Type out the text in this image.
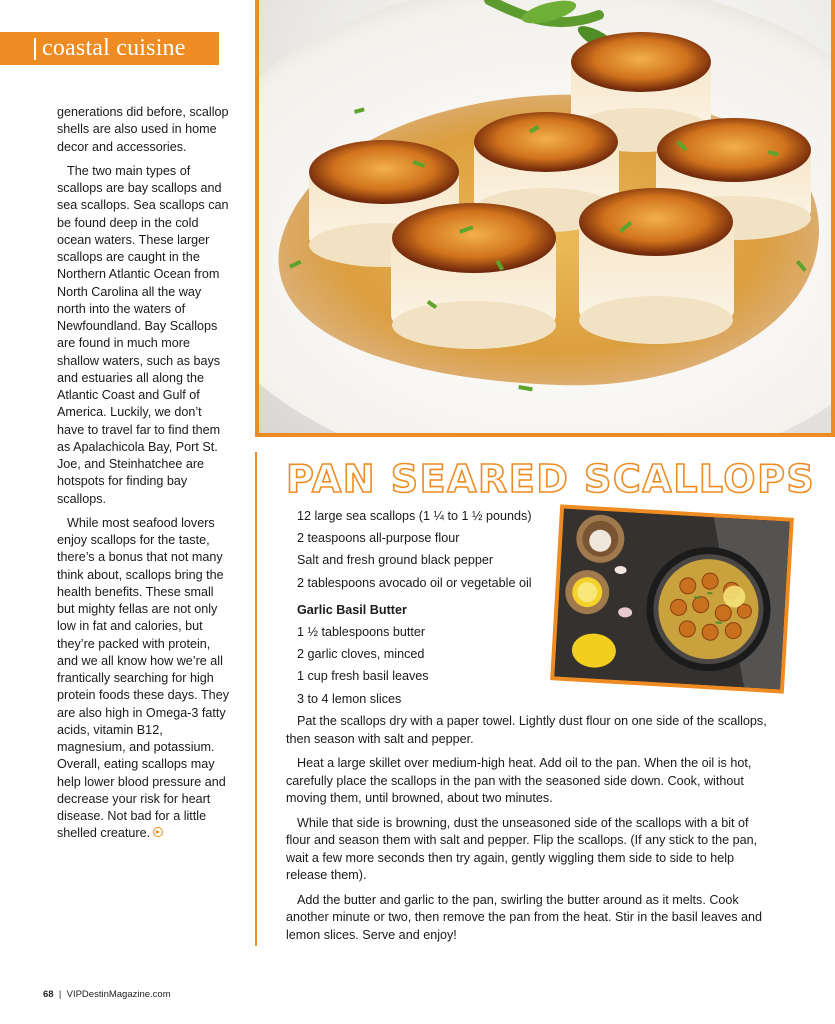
coastal cuisine

generations did before, scallop shells are also used in home decor and accessories.

The two main types of scallops are bay scallops and sea scallops. Sea scallops can be found deep in the cold ocean waters. These larger scallops are caught in the Northern Atlantic Ocean from North Carolina all the way north into the waters of Newfoundland. Bay Scallops are found in much more shallow waters, such as bays and estuaries all along the Atlantic Coast and Gulf of America. Luckily, we don’t have to travel far to find them as Apalachicola Bay, Port St. Joe, and Steinhatchee are hotspots for finding bay scallops.

While most seafood lovers enjoy scallops for the taste, there’s a bonus that not many think about, scallops bring the health benefits. These small but mighty fellas are not only low in fat and calories, but they’re packed with protein, and we all know how we’re all frantically searching for high protein foods these days. They are also high in Omega-3 fatty acids, vitamin B12, magnesium, and potassium. Overall, eating scallops may help lower blood pressure and decrease your risk for heart disease. Not bad for a little shelled creature.

PAN SEARED SCALLOPS
12 large sea scallops (1 ¼ to 1 ½ pounds)
2 teaspoons all-purpose flour
Salt and fresh ground black pepper
2 tablespoons avocado oil or vegetable oil
Garlic Basil Butter
1 ½ tablespoons butter
2 garlic cloves, minced
1 cup fresh basil leaves
3 to 4 lemon slices

Pat the scallops dry with a paper towel. Lightly dust flour on one side of the scallops, then season with salt and pepper.

Heat a large skillet over medium-high heat. Add oil to the pan. When the oil is hot, carefully place the scallops in the pan with the seasoned side down. Cook, without moving them, until browned, about two minutes.

While that side is browning, dust the unseasoned side of the scallops with a bit of flour and season them with salt and pepper. Flip the scallops. (If any stick to the pan, wait a few more seconds then try again, gently wiggling them side to side to help release them).

Add the butter and garlic to the pan, swirling the butter around as it melts. Cook another minute or two, then remove the pan from the heat. Stir in the basil leaves and lemon slices. Serve and enjoy!

68 | VIPDestinMagazine.com
